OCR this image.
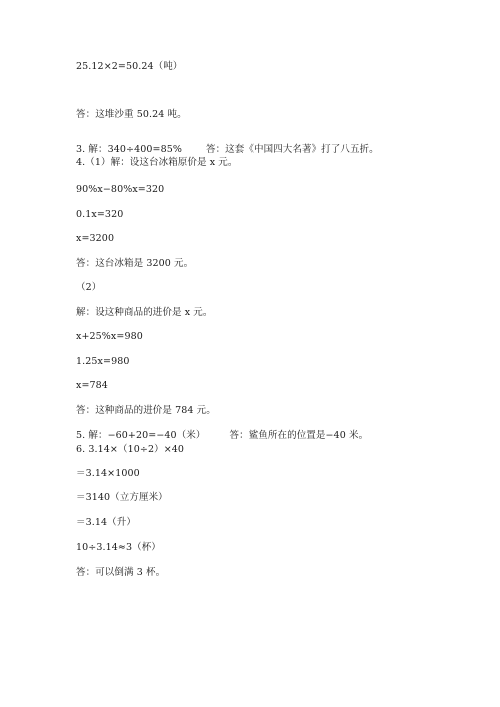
25.12×2=50.24（吨）
答：这堆沙重 50.24 吨。
3. 解：340÷400=85%	答：这套《中国四大名著》打了八五折。
4.（1）解：设这台冰箱原价是 x 元。
90%x−80%x=320
0.1x=320
x=3200
答：这台冰箱是 3200 元。
（2）
解：设这种商品的进价是 x 元。
x+25%x=980
1.25x=980
x=784
答：这种商品的进价是 784 元。
5. 解：−60+20=−40（米）	答：鲨鱼所在的位置是−40 米。
6. 3.14×（10÷2）×40
＝3.14×1000
＝3140（立方厘米）
＝3.14（升）
10÷3.14≈3（杯）
答：可以倒满 3 杯。
